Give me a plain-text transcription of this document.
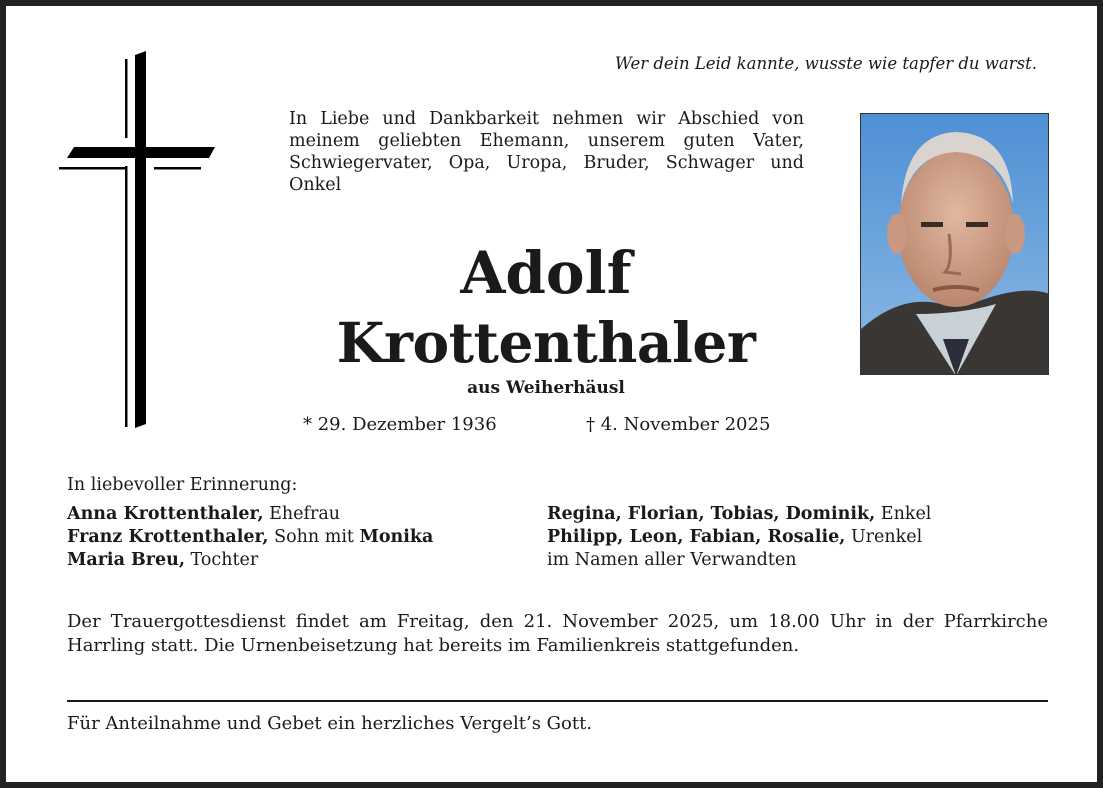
Wer dein Leid kannte, wusste wie tapfer du warst.
In Liebe und Dankbarkeit nehmen wir Abschied von meinem geliebten Ehemann, unserem guten Vater, Schwiegervater, Opa, Uropa, Bruder, Schwager und Onkel
Adolf
Krottenthaler
aus Weiherhäusl
* 29. Dezember 1936	† 4. November 2025
In liebevoller Erinnerung:
Anna Krottenthaler, Ehefrau
Franz Krottenthaler, Sohn mit Monika
Maria Breu, Tochter
Regina, Florian, Tobias, Dominik, Enkel
Philipp, Leon, Fabian, Rosalie, Urenkel
im Namen aller Verwandten
Der Trauergottesdienst findet am Freitag, den 21. November 2025, um 18.00 Uhr in der Pfarrkirche Harrling statt. Die Urnenbeisetzung hat bereits im Familienkreis stattgefunden.
Für Anteilnahme und Gebet ein herzliches Vergelt’s Gott.
